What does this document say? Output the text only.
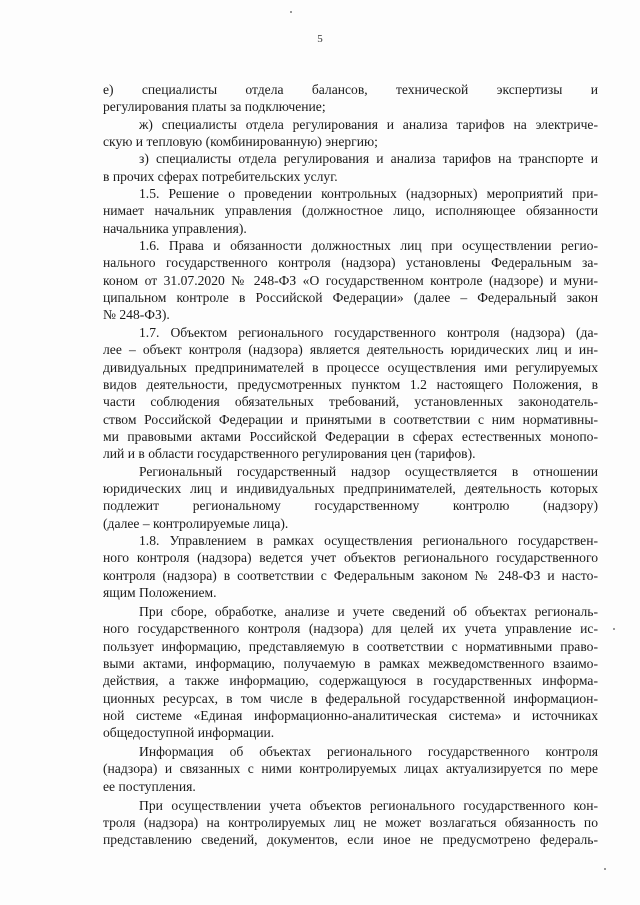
5
е) специалисты отдела балансов, технической экспертизы и
регулирования платы за подключение;
ж) специалисты отдела регулирования и анализа тарифов на электриче-
скую и тепловую (комбинированную) энергию;
з) специалисты отдела регулирования и анализа тарифов на транспорте и
в прочих сферах потребительских услуг.
1.5. Решение о проведении контрольных (надзорных) мероприятий при-
нимает начальник управления (должностное лицо, исполняющее обязанности
начальника управления).
1.6. Права и обязанности должностных лиц при осуществлении регио-
нального государственного контроля (надзора) установлены Федеральным за-
коном от 31.07.2020 № 248-ФЗ «О государственном контроле (надзоре) и муни-
ципальном контроле в Российской Федерации» (далее – Федеральный закон
№ 248-ФЗ).
1.7. Объектом регионального государственного контроля (надзора) (да-
лее – объект контроля (надзора) является деятельность юридических лиц и ин-
дивидуальных предпринимателей в процессе осуществления ими регулируемых
видов деятельности, предусмотренных пунктом 1.2 настоящего Положения, в
части соблюдения обязательных требований, установленных законодатель-
ством Российской Федерации и принятыми в соответствии с ним нормативны-
ми правовыми актами Российской Федерации в сферах естественных монопо-
лий и в области государственного регулирования цен (тарифов).
Региональный государственный надзор осуществляется в отношении
юридических лиц и индивидуальных предпринимателей, деятельность которых
подлежит региональному государственному контролю (надзору)
(далее – контролируемые лица).
1.8. Управлением в рамках осуществления регионального государствен-
ного контроля (надзора) ведется учет объектов регионального государственного
контроля (надзора) в соответствии с Федеральным законом № 248-ФЗ и насто-
ящим Положением.
При сборе, обработке, анализе и учете сведений об объектах региональ-
ного государственного контроля (надзора) для целей их учета управление ис-
пользует информацию, представляемую в соответствии с нормативными право-
выми актами, информацию, получаемую в рамках межведомственного взаимо-
действия, а также информацию, содержащуюся в государственных информа-
ционных ресурсах, в том числе в федеральной государственной информацион-
ной системе «Единая информационно-аналитическая система» и источниках
общедоступной информации.
Информация об объектах регионального государственного контроля
(надзора) и связанных с ними контролируемых лицах актуализируется по мере
ее поступления.
При осуществлении учета объектов регионального государственного кон-
троля (надзора) на контролируемых лиц не может возлагаться обязанность по
представлению сведений, документов, если иное не предусмотрено федераль-
